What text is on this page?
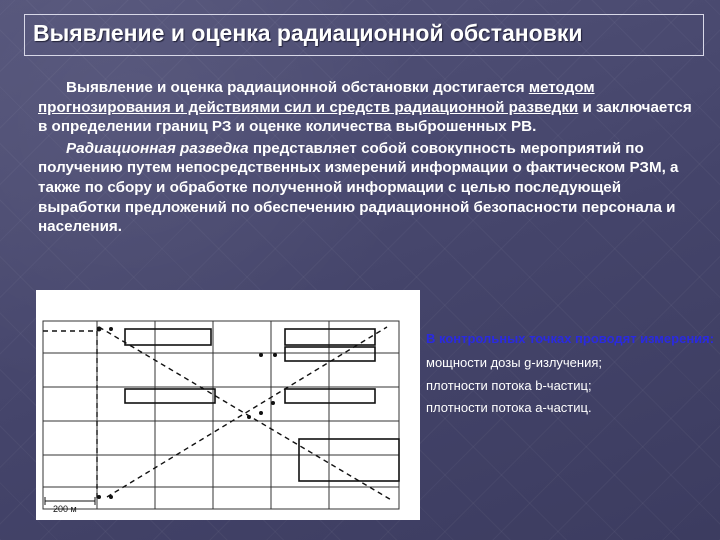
Выявление и оценка радиационной обстановки

Выявление и оценка радиационной обстановки достигается методом прогнозирования и действиями сил и средств радиационной разведки и заключается в определении границ РЗ и оценке количества выброшенных РВ.

Радиационная разведка представляет собой совокупность мероприятий по получению путем непосредственных измерений информации о фактическом РЗМ, а также по сбору и обработке полученной информации с целью последующей выработки предложений по обеспечению радиационной безопасности персонала и населения.

200 м
В контрольных точках проводят измерения:
мощности дозы g-излучения;
плотности потока b-частиц;
плотности потока а-частиц.
